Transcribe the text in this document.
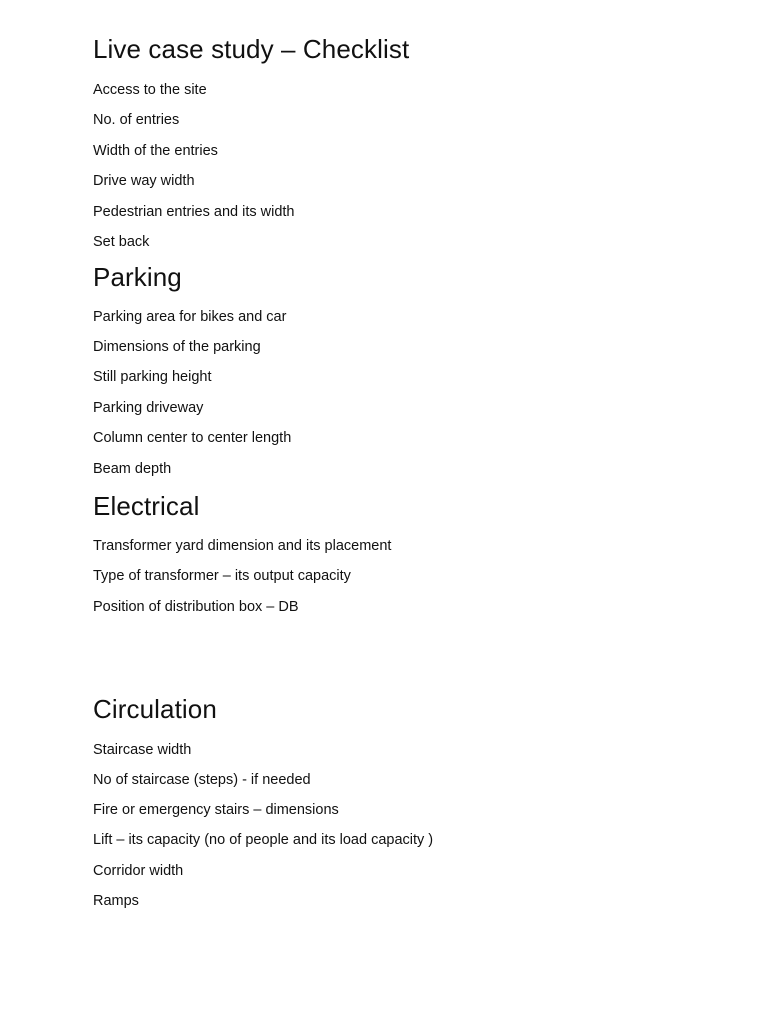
Live case study – Checklist
Access to the site
No. of entries
Width of the entries
Drive way width
Pedestrian entries and its width
Set back
Parking
Parking area for bikes and car
Dimensions of the parking
Still parking height
Parking driveway
Column center to center length
Beam depth
Electrical
Transformer yard dimension and its placement
Type of transformer – its output capacity
Position of distribution box – DB
Circulation
Staircase width
No of staircase (steps) - if needed
Fire or emergency stairs – dimensions
Lift – its capacity (no of people and its load capacity )
Corridor width
Ramps
